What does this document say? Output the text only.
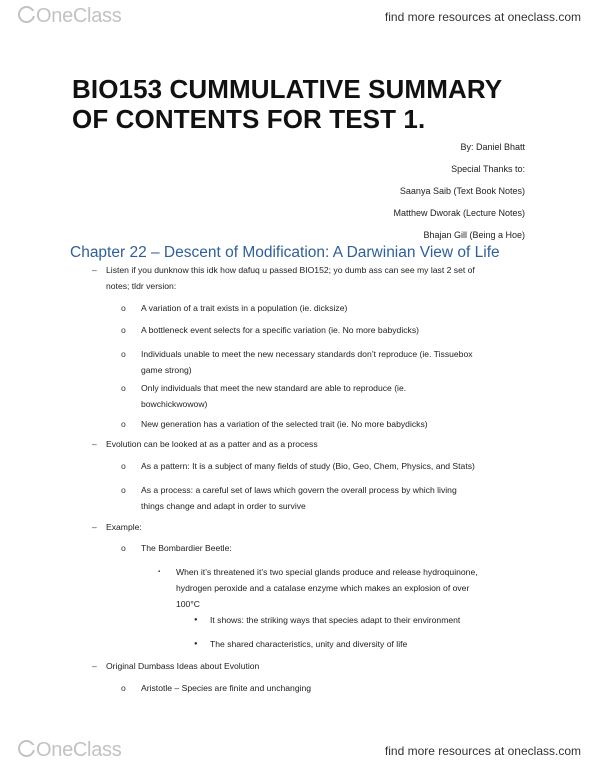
OneClass	find more resources at oneclass.com
BIO153 CUMMULATIVE SUMMARY
OF CONTENTS FOR TEST 1.
By: Daniel Bhatt
Special Thanks to:
Saanya Saib (Text Book Notes)
Matthew Dworak (Lecture Notes)
Bhajan Gill (Being a Hoe)
Chapter 22 – Descent of Modification: A Darwinian View of Life
– Listen if you dunknow this idk how dafuq u passed BIO152; yo dumb ass can see my last 2 set of
notes; tldr version:
o A variation of a trait exists in a population (ie. dicksize)
o A bottleneck event selects for a specific variation (ie. No more babydicks)
o Individuals unable to meet the new necessary standards don’t reproduce (ie. Tissuebox
game strong)
o Only individuals that meet the new standard are able to reproduce (ie.
bowchickwowow)
o New generation has a variation of the selected trait (ie. No more babydicks)
– Evolution can be looked at as a patter and as a process
o As a pattern: It is a subject of many fields of study (Bio, Geo, Chem, Physics, and Stats)
o As a process: a careful set of laws which govern the overall process by which living
things change and adapt in order to survive
– Example:
o The Bombardier Beetle:
▪ When it’s threatened it’s two special glands produce and release hydroquinone,
hydrogen peroxide and a catalase enzyme which makes an explosion of over
100°C
● It shows: the striking ways that species adapt to their environment
● The shared characteristics, unity and diversity of life
– Original Dumbass Ideas about Evolution
o Aristotle – Species are finite and unchanging
OneClass	find more resources at oneclass.com
